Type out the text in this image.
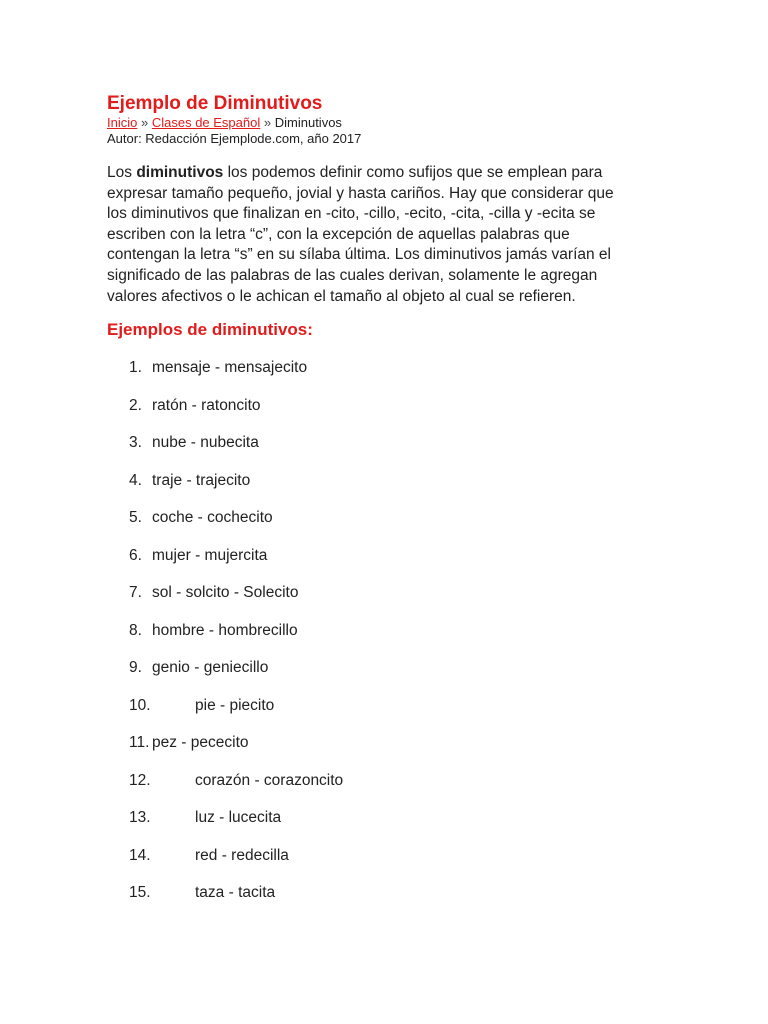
Ejemplo de Diminutivos
Inicio » Clases de Español » Diminutivos
Autor: Redacción Ejemplode.com, año 2017

Los diminutivos los podemos definir como sufijos que se emplean para expresar tamaño pequeño, jovial y hasta cariños. Hay que considerar que los diminutivos que finalizan en -cito, -cillo, -ecito, -cita, -cilla y -ecita se escriben con la letra “c”, con la excepción de aquellas palabras que contengan la letra “s” en su sílaba última. Los diminutivos jamás varían el significado de las palabras de las cuales derivan, solamente le agregan valores afectivos o le achican el tamaño al objeto al cual se refieren.

Ejemplos de diminutivos:
1. mensaje - mensajecito
2. ratón - ratoncito
3. nube - nubecita
4. traje - trajecito
5. coche - cochecito
6. mujer - mujercita
7. sol - solcito - Solecito
8. hombre - hombrecillo
9. genio - geniecillo
10.	pie - piecito
11. pez - pececito
12.	corazón - corazoncito
13.	luz - lucecita
14.	red - redecilla
15.	taza - tacita
